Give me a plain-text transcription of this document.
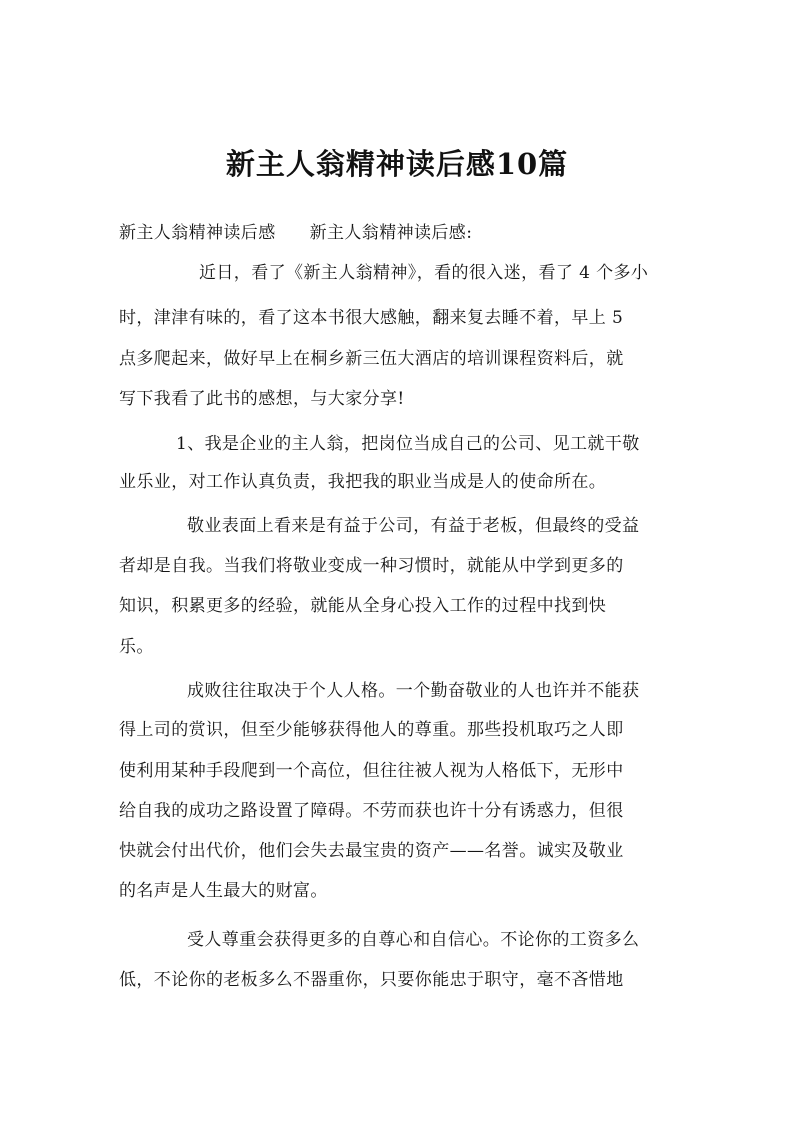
新主人翁精神读后感10篇
新主人翁精神读后感 新主人翁精神读后感:
近日，看了《新主人翁精神》，看的很入迷，看了 4 个多小
时，津津有味的，看了这本书很大感触，翻来复去睡不着，早上 5
点多爬起来，做好早上在桐乡新三伍大酒店的培训课程资料后，就
写下我看了此书的感想，与大家分享!
1、我是企业的主人翁，把岗位当成自己的公司、见工就干敬
业乐业，对工作认真负责，我把我的职业当成是人的使命所在。
敬业表面上看来是有益于公司，有益于老板，但最终的受益
者却是自我。当我们将敬业变成一种习惯时，就能从中学到更多的
知识，积累更多的经验，就能从全身心投入工作的过程中找到快
乐。
成败往往取决于个人人格。一个勤奋敬业的人也许并不能获
得上司的赏识，但至少能够获得他人的尊重。那些投机取巧之人即
使利用某种手段爬到一个高位，但往往被人视为人格低下，无形中
给自我的成功之路设置了障碍。不劳而获也许十分有诱惑力，但很
快就会付出代价，他们会失去最宝贵的资产——名誉。诚实及敬业
的名声是人生最大的财富。
受人尊重会获得更多的自尊心和自信心。不论你的工资多么
低，不论你的老板多么不器重你，只要你能忠于职守，毫不吝惜地
